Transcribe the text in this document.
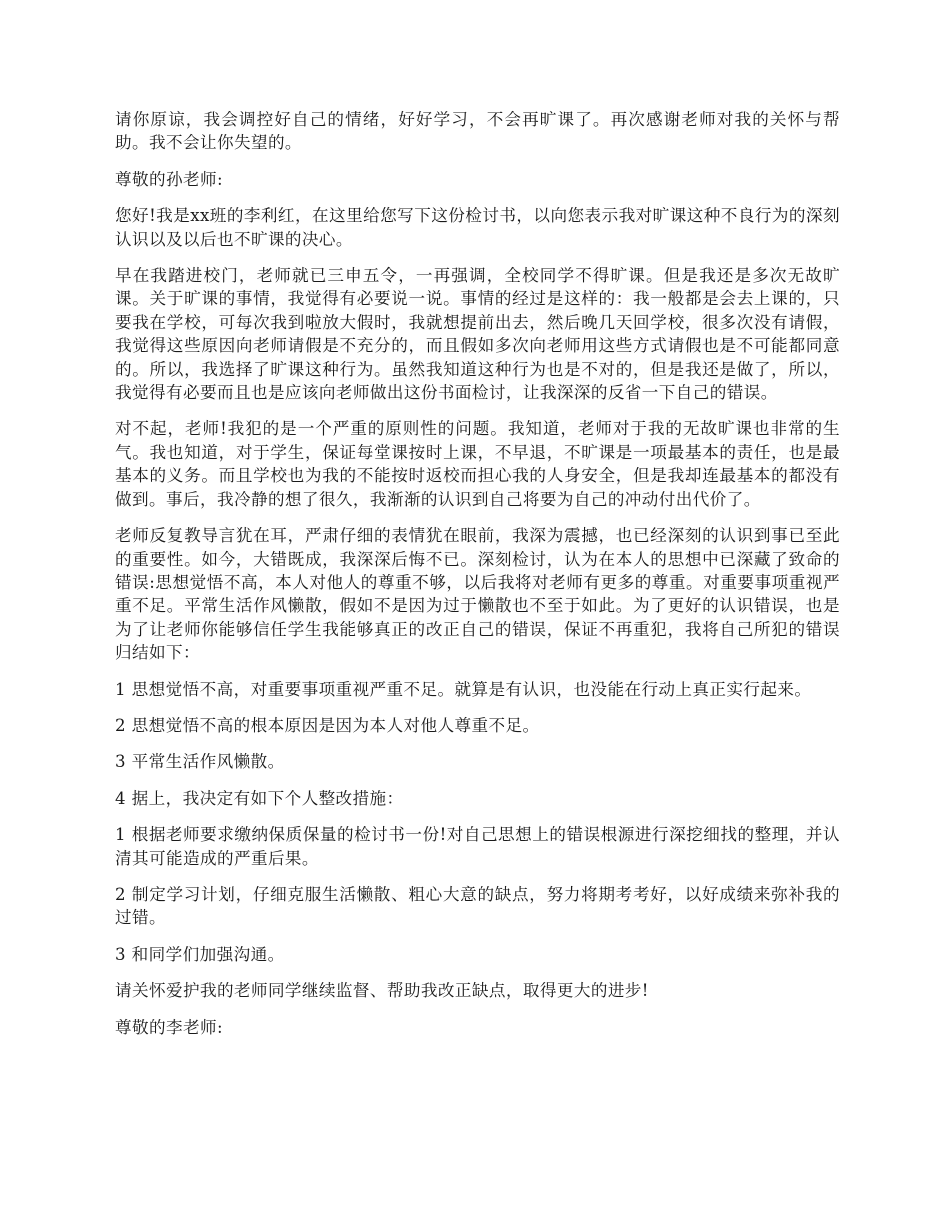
请你原谅，我会调控好自己的情绪，好好学习，不会再旷课了。再次感谢老师对我的关怀与帮助。我不会让你失望的。

尊敬的孙老师:

您好!我是xx班的李利红，在这里给您写下这份检讨书，以向您表示我对旷课这种不良行为的深刻认识以及以后也不旷课的决心。

早在我踏进校门，老师就已三申五令，一再强调，全校同学不得旷课。但是我还是多次无故旷课。关于旷课的事情，我觉得有必要说一说。事情的经过是这样的：我一般都是会去上课的，只要我在学校，可每次我到啦放大假时，我就想提前出去，然后晚几天回学校，很多次没有请假，我觉得这些原因向老师请假是不充分的，而且假如多次向老师用这些方式请假也是不可能都同意的。所以，我选择了旷课这种行为。虽然我知道这种行为也是不对的，但是我还是做了，所以，我觉得有必要而且也是应该向老师做出这份书面检讨，让我深深的反省一下自己的错误。

对不起，老师!我犯的是一个严重的原则性的问题。我知道，老师对于我的无故旷课也非常的生气。我也知道，对于学生，保证每堂课按时上课，不早退，不旷课是一项最基本的责任，也是最基本的义务。而且学校也为我的不能按时返校而担心我的人身安全，但是我却连最基本的都没有做到。事后，我冷静的想了很久，我渐渐的认识到自己将要为自己的冲动付出代价了。

老师反复教导言犹在耳，严肃仔细的表情犹在眼前，我深为震撼，也已经深刻的认识到事已至此的重要性。如今，大错既成，我深深后悔不已。深刻检讨，认为在本人的思想中已深藏了致命的错误:思想觉悟不高，本人对他人的尊重不够，以后我将对老师有更多的尊重。对重要事项重视严重不足。平常生活作风懒散，假如不是因为过于懒散也不至于如此。为了更好的认识错误，也是为了让老师你能够信任学生我能够真正的改正自己的错误，保证不再重犯，我将自己所犯的错误归结如下：

1 思想觉悟不高，对重要事项重视严重不足。就算是有认识，也没能在行动上真正实行起来。

2 思想觉悟不高的根本原因是因为本人对他人尊重不足。

3 平常生活作风懒散。

4 据上，我决定有如下个人整改措施：

1 根据老师要求缴纳保质保量的检讨书一份!对自己思想上的错误根源进行深挖细找的整理，并认清其可能造成的严重后果。

2 制定学习计划，仔细克服生活懒散、粗心大意的缺点，努力将期考考好，以好成绩来弥补我的过错。

3 和同学们加强沟通。

请关怀爱护我的老师同学继续监督、帮助我改正缺点，取得更大的进步!

尊敬的李老师:
